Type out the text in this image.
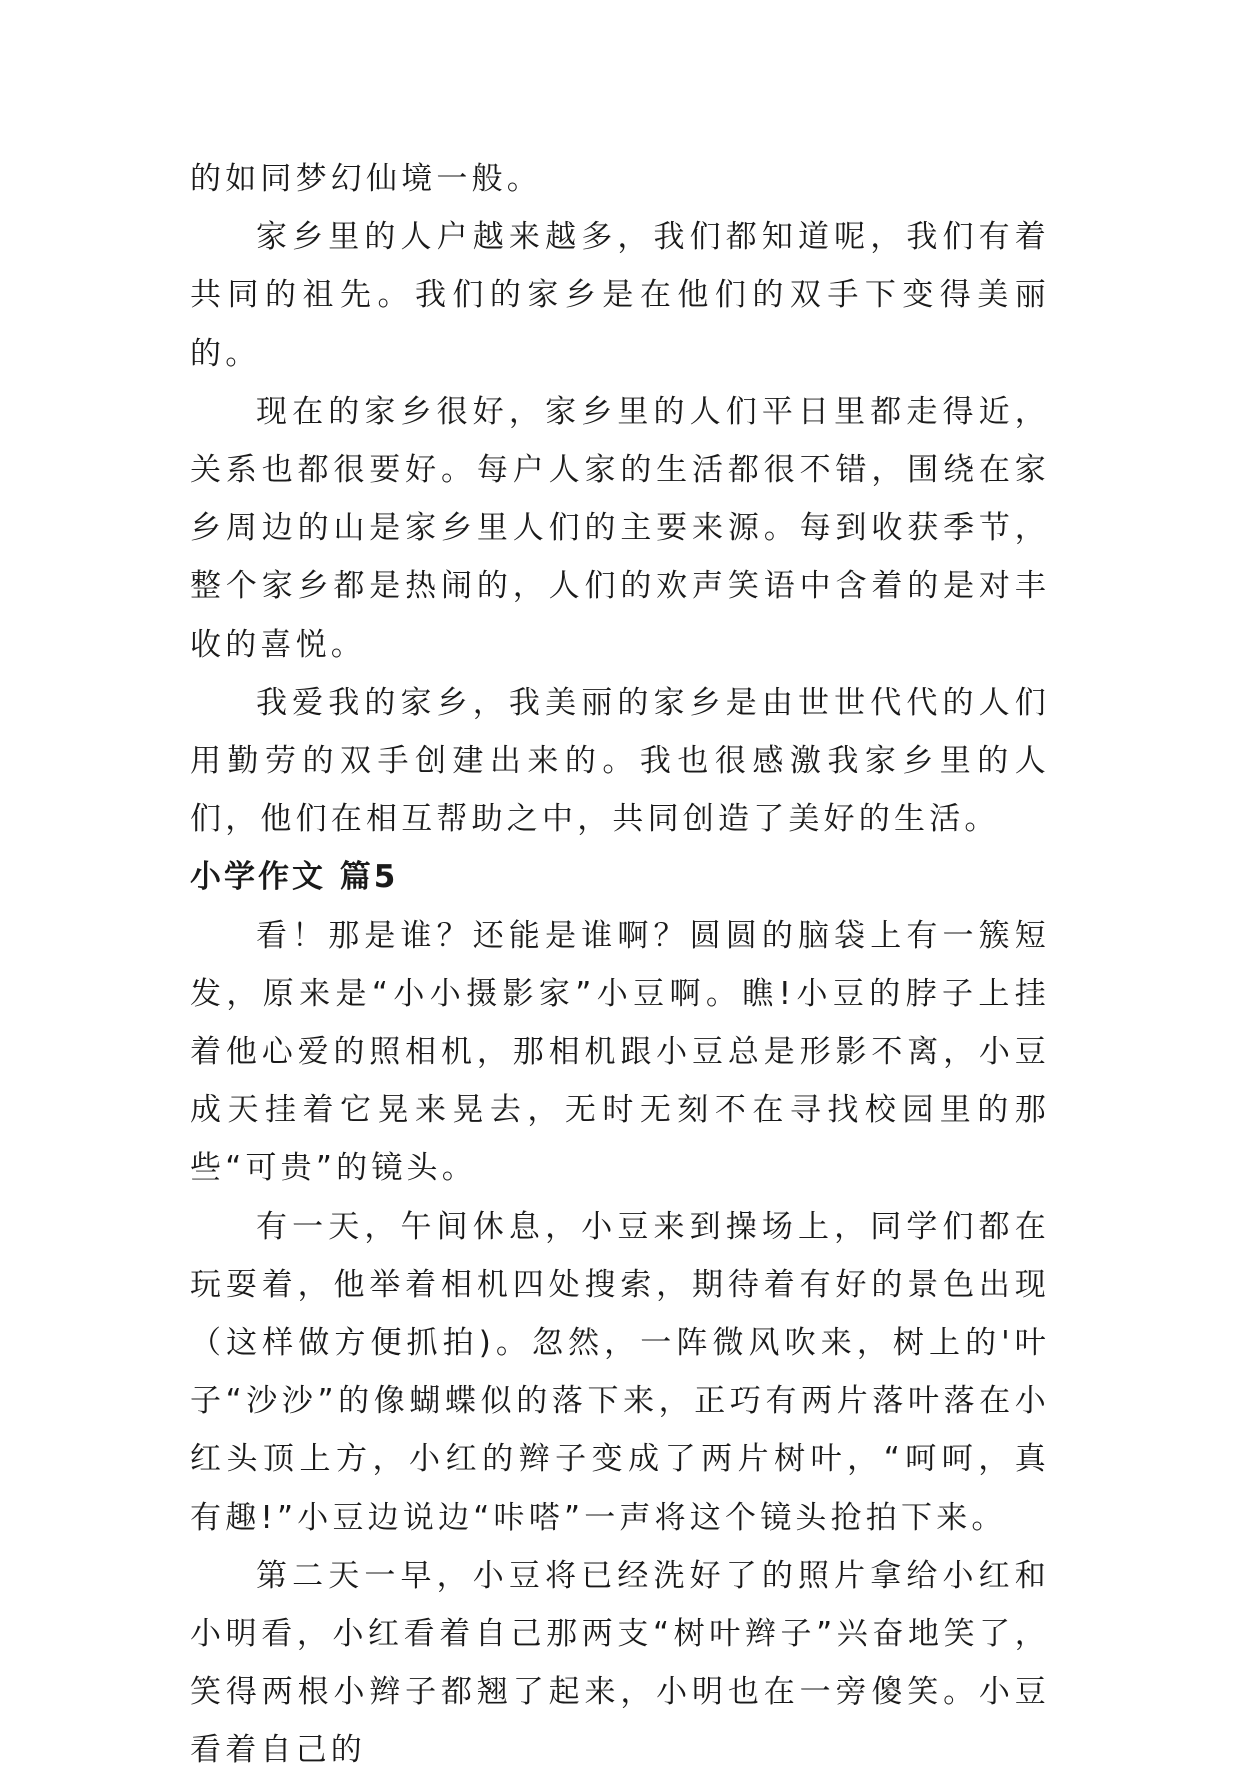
的如同梦幻仙境一般。

家乡里的人户越来越多，我们都知道呢，我们有着共同的祖先。我们的家乡是在他们的双手下变得美丽的。

现在的家乡很好，家乡里的人们平日里都走得近，关系也都很要好。每户人家的生活都很不错，围绕在家乡周边的山是家乡里人们的主要来源。每到收获季节，整个家乡都是热闹的，人们的欢声笑语中含着的是对丰收的喜悦。

我爱我的家乡，我美丽的家乡是由世世代代的人们用勤劳的双手创建出来的。我也很感激我家乡里的人们，他们在相互帮助之中，共同创造了美好的生活。

小学作文 篇5

看！那是谁？还能是谁啊？圆圆的脑袋上有一簇短发，原来是“小小摄影家”小豆啊。瞧!小豆的脖子上挂着他心爱的照相机，那相机跟小豆总是形影不离，小豆成天挂着它晃来晃去，无时无刻不在寻找校园里的那些“可贵”的镜头。

有一天，午间休息，小豆来到操场上，同学们都在玩耍着，他举着相机四处搜索，期待着有好的景色出现（这样做方便抓拍)。忽然，一阵微风吹来，树上的'叶子“沙沙”的像蝴蝶似的落下来，正巧有两片落叶落在小红头顶上方，小红的辫子变成了两片树叶，“呵呵，真有趣!”小豆边说边“咔嗒”一声将这个镜头抢拍下来。

第二天一早，小豆将已经洗好了的照片拿给小红和小明看，小红看着自己那两支“树叶辫子”兴奋地笑了，笑得两根小辫子都翘了起来，小明也在一旁傻笑。小豆看着自己的
